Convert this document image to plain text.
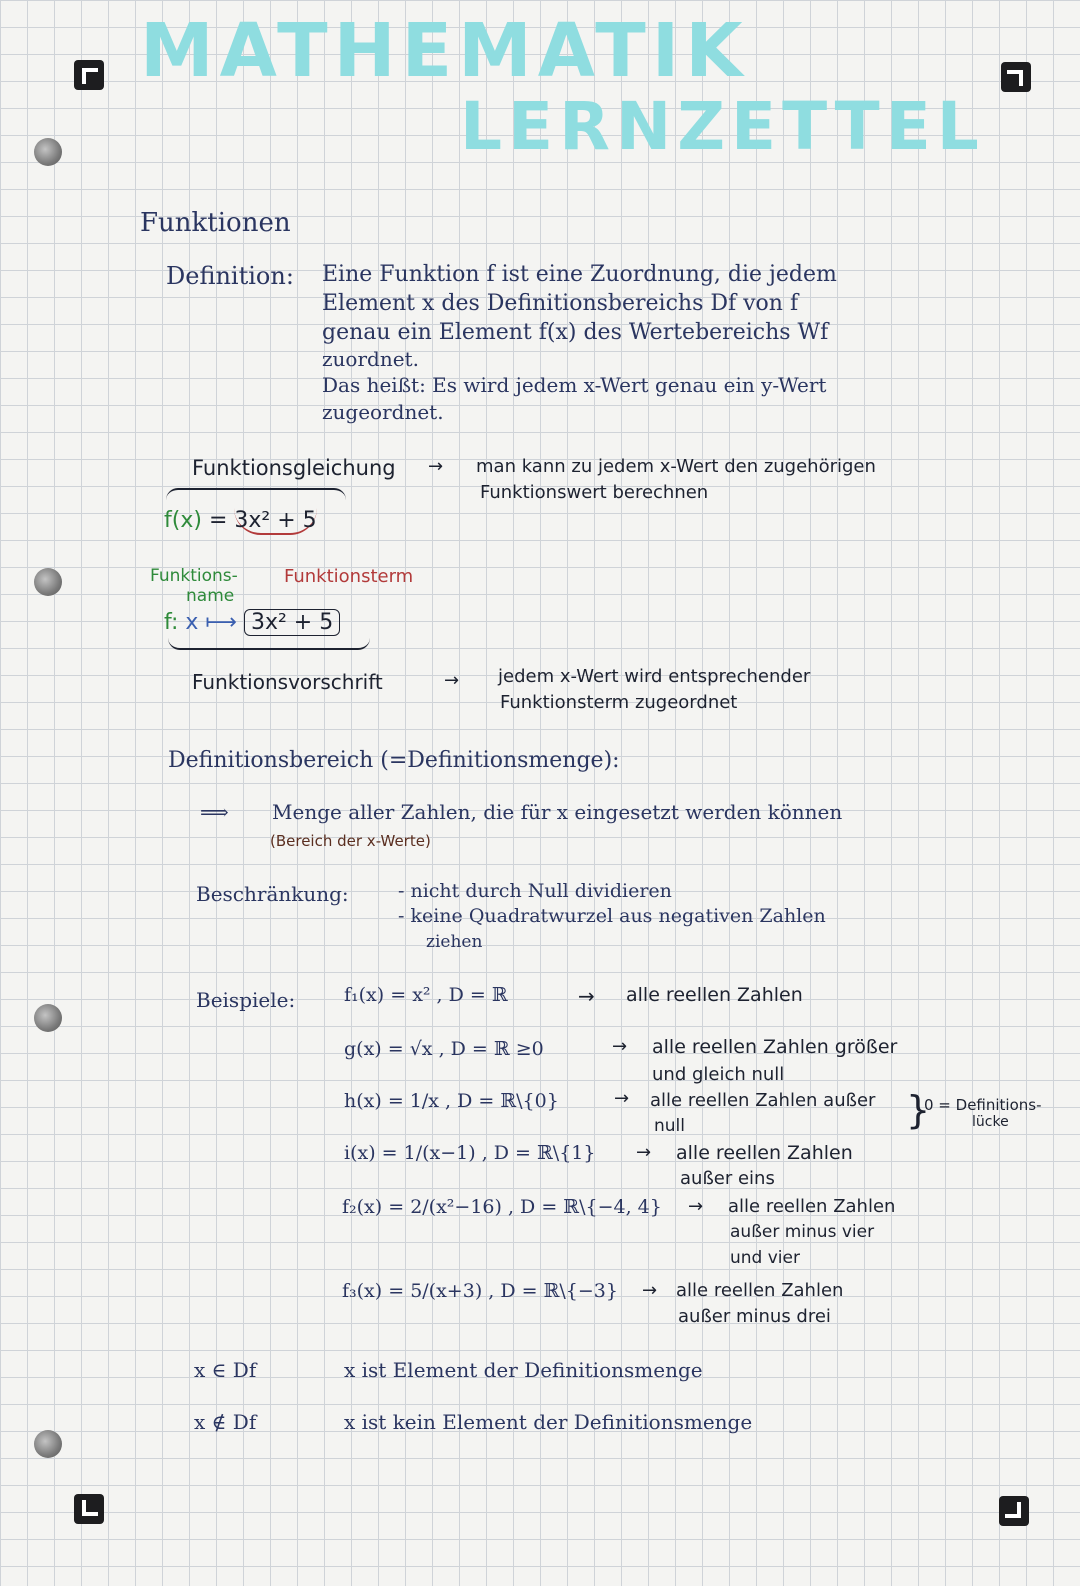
MATHEMATIK
LERNZETTEL
Funktionen
Definition: Eine Funktion f ist eine Zuordnung, die jedem
Element x des Definitionsbereichs Df von f
genau ein Element f(x) des Wertebereichs Wf
zuordnet.
Das heißt: Es wird jedem x-Wert genau ein y-Wert
zugeordnet.
Funktionsgleichung → man kann zu jedem x-Wert den zugehörigen
Funktionswert berechnen
f(x) = 3x² + 5
Funktions-
name
Funktionsterm
f: x ⟼ 3x² + 5
Funktionsvorschrift	→ jedem x-Wert wird entsprechender
Funktionsterm zugeordnet
Definitionsbereich (=Definitionsmenge):
⟹ Menge aller Zahlen, die für x eingesetzt werden können
(Bereich der x-Werte)
Beschränkung:	- nicht durch Null dividieren
- keine Quadratwurzel aus negativen Zahlen
ziehen
Beispiele:	f₁(x) = x² , D = ℝ	→ alle reellen Zahlen
g(x) = √x , D = ℝ ≥0	→ alle reellen Zahlen größer
und gleich null
h(x) = 1/x , D = ℝ\{0}	→ alle reellen Zahlen außer
null	}
0 = Definitions-
lücke
i(x) = 1/(x−1) , D = ℝ\{1} → alle reellen Zahlen
außer eins
f₂(x) = 2/(x²−16) , D = ℝ\{−4, 4} → alle reellen Zahlen
außer minus vier
und vier
f₃(x) = 5/(x+3) , D = ℝ\{−3} → alle reellen Zahlen
außer minus drei
x ∈ Df	x ist Element der Definitionsmenge
x ∉ Df	x ist kein Element der Definitionsmenge
